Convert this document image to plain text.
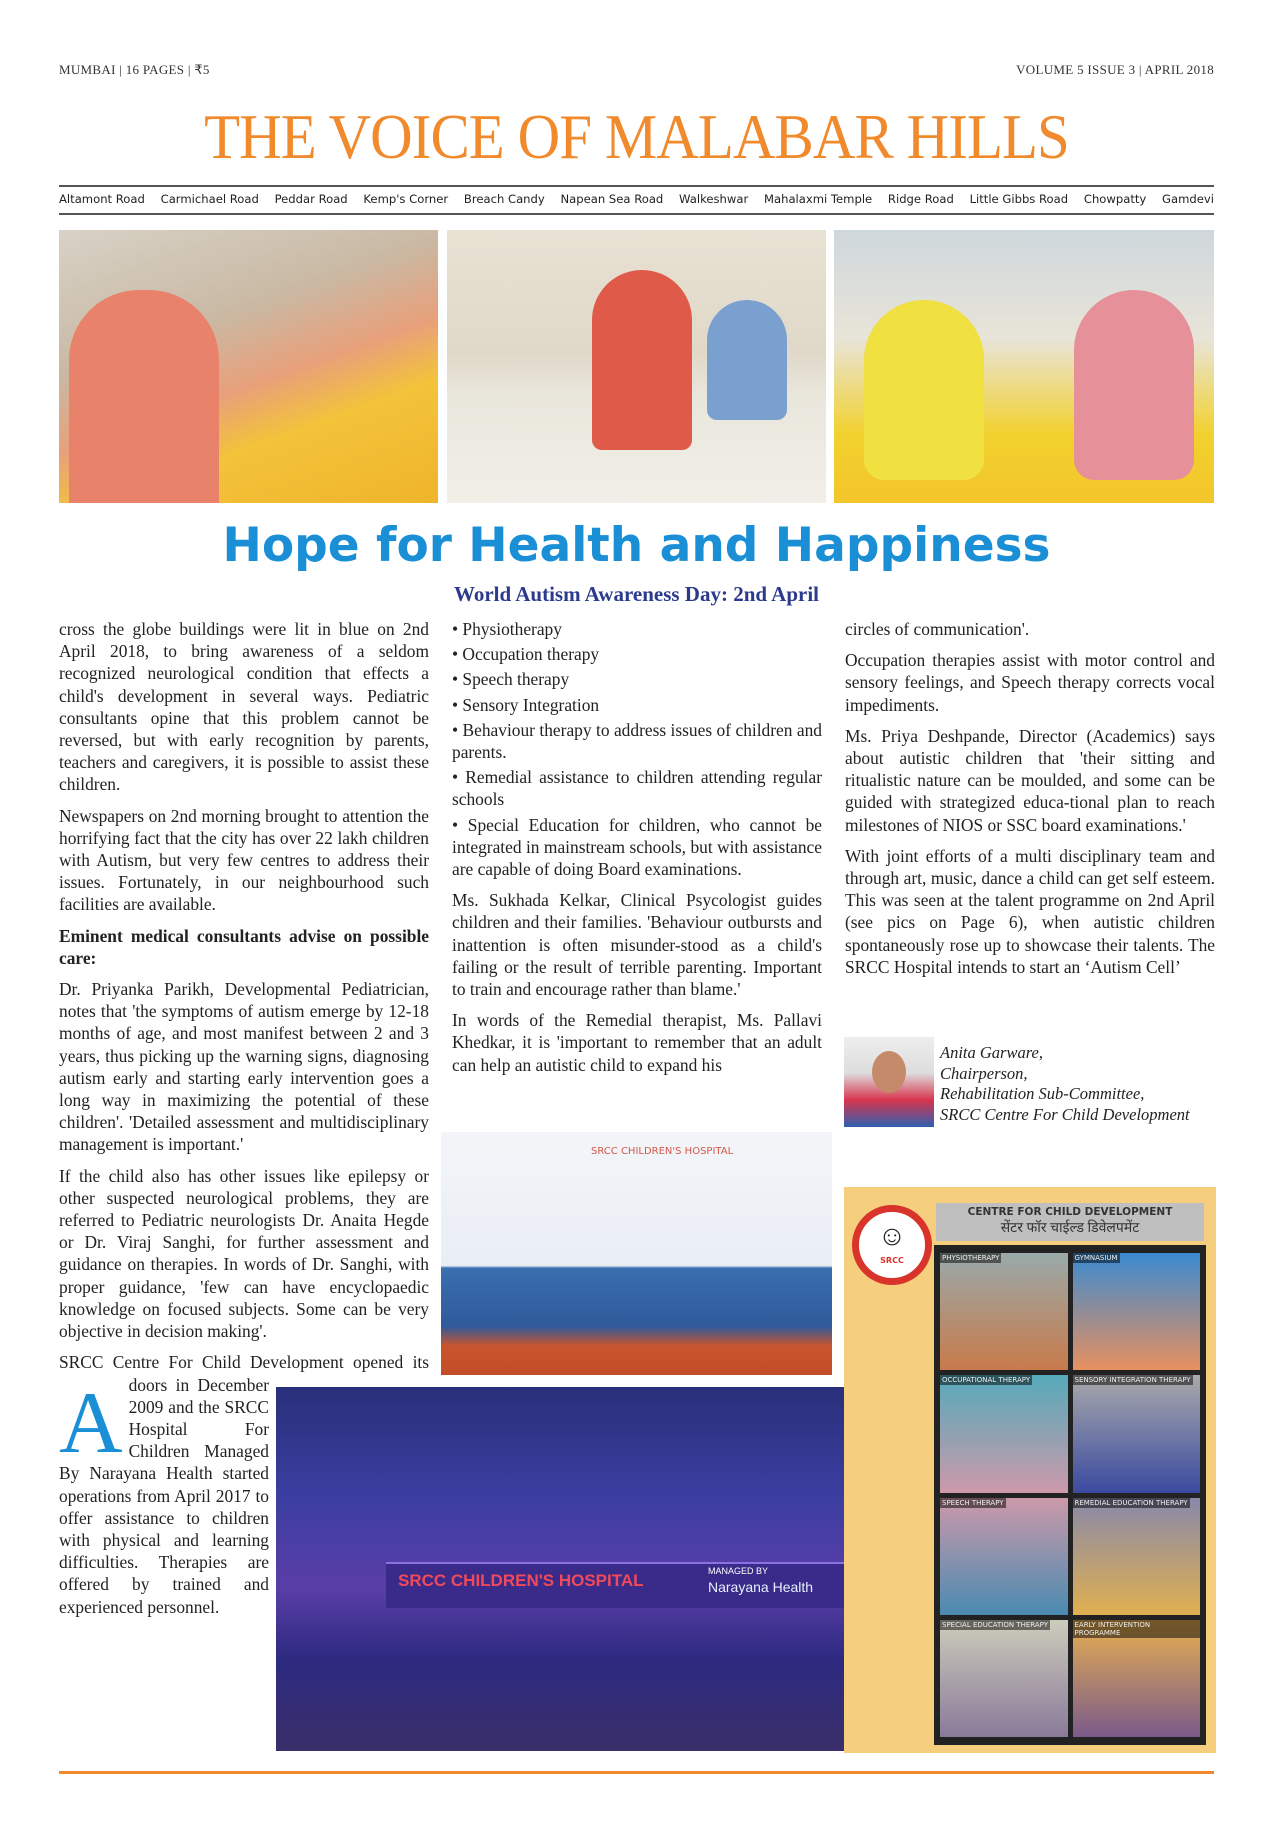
MUMBAI | 16 PAGES | ₹5	VOLUME 5 ISSUE 3 | APRIL 2018
THE VOICE OF MALABAR HILLS
Altamont Road Carmichael Road Peddar Road Kemp's Corner Breach Candy Napean Sea Road Walkeshwar Mahalaxmi Temple Ridge Road Little Gibbs Road Chowpatty Gamdevi
Hope for Health and Happiness
World Autism Awareness Day: 2nd April

A
cross the globe buildings were lit in blue on 2nd April 2018, to bring awareness of a seldom recognized neurological condition that effects a child's development in several ways. Pediatric consultants opine that this problem cannot be reversed, but with early recognition by parents, teachers and caregivers, it is possible to assist these children.

Newspapers on 2nd morning brought to attention the horrifying fact that the city has over 22 lakh children with Autism, but very few centres to address their issues. Fortunately, in our neighbourhood such facilities are available.

Eminent medical consultants advise on possible care:

Dr. Priyanka Parikh, Developmental Pediatrician, notes that 'the symptoms of autism emerge by 12-18 months of age, and most manifest between 2 and 3 years, thus picking up the warning signs, diagnosing autism early and starting early intervention goes a long way in maximizing the potential of these children'. 'Detailed assessment and multidisciplinary management is important.'

If the child also has other issues like epilepsy or other suspected neurological problems, they are referred to Pediatric neurologists Dr. Anaita Hegde or Dr. Viraj Sanghi, for further assessment and guidance on therapies. In words of Dr. Sanghi, with proper guidance, 'few can have encyclopaedic knowledge on focused subjects. Some can be very objective in decision making'.

SRCC Centre For Child Development opened its doors in December 2009 and the SRCC Hospital For Children Managed By Narayana Health started operations from April 2017 to offer assistance to children with physical and learning difficulties. Therapies are offered by trained and experienced personnel.

• Physiotherapy

• Occupation therapy

• Speech therapy

• Sensory Integration

• Behaviour therapy to address issues of children and parents.

• Remedial assistance to children attending regular schools

• Special Education for children, who cannot be integrated in mainstream schools, but with assistance are capable of doing Board examinations.

Ms. Sukhada Kelkar, Clinical Psycologist guides children and their families. 'Behaviour outbursts and inattention is often misunder-stood as a child's failing or the result of terrible parenting. Important to train and encourage rather than blame.'

In words of the Remedial therapist, Ms. Pallavi Khedkar, it is 'important to remember that an adult can help an autistic child to expand his

circles of communication'.

Occupation therapies assist with motor control and sensory feelings, and Speech therapy corrects vocal impediments.

Ms. Priya Deshpande, Director (Academics) says about autistic children that 'their sitting and ritualistic nature can be moulded, and some can be guided with strategized educa-tional plan to reach milestones of NIOS or SSC board examinations.'

With joint efforts of a multi disciplinary team and through art, music, dance a child can get self esteem. This was seen at the talent programme on 2nd April (see pics on Page 6), when autistic children spontaneously rose up to showcase their talents. The SRCC Hospital intends to start an ‘Autism Cell’

Anita Garware,
Chairperson,
Rehabilitation Sub-Committee,
SRCC Centre For Child Development
SRCC CHILDREN'S HOSPITAL
SRCC CHILDREN'S HOSPITAL	MANAGED BY
Narayana Health
☺
SRCC
CENTRE FOR CHILD DEVELOPMENT
सेंटर फॉर चाईल्ड डिवेलपमेंट
PHYSIOTHERAPY	GYMNASIUM
OCCUPATIONAL THERAPY	SENSORY INTEGRATION THERAPY
SPEECH THERAPY	REMEDIAL EDUCATION THERAPY
SPECIAL EDUCATION THERAPY	EARLY INTERVENTION PROGRAMME
